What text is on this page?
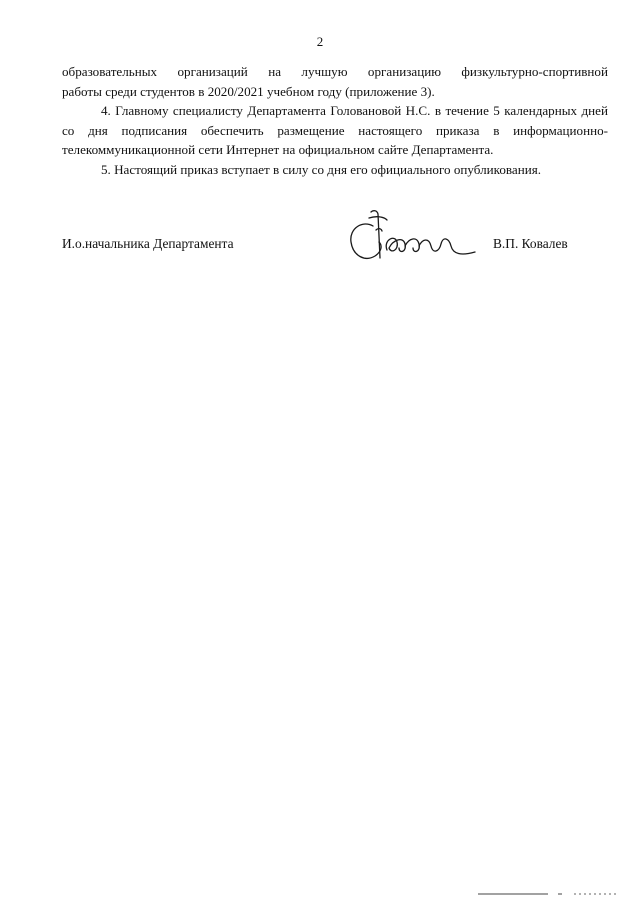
2

образовательных организаций на лучшую организацию физкультурно-спортивной
работы среди студентов в 2020/2021 учебном году (приложение 3).

4. Главному специалисту Департамента Головановой Н.С. в течение 5 календарных дней со дня подписания обеспечить размещение настоящего приказа в информационно-телекоммуникационной сети Интернет на официальном сайте Департамента.

5. Настоящий приказ вступает в силу со дня его официального опубликования.

И.о.начальника Департамента	В.П. Ковалев
